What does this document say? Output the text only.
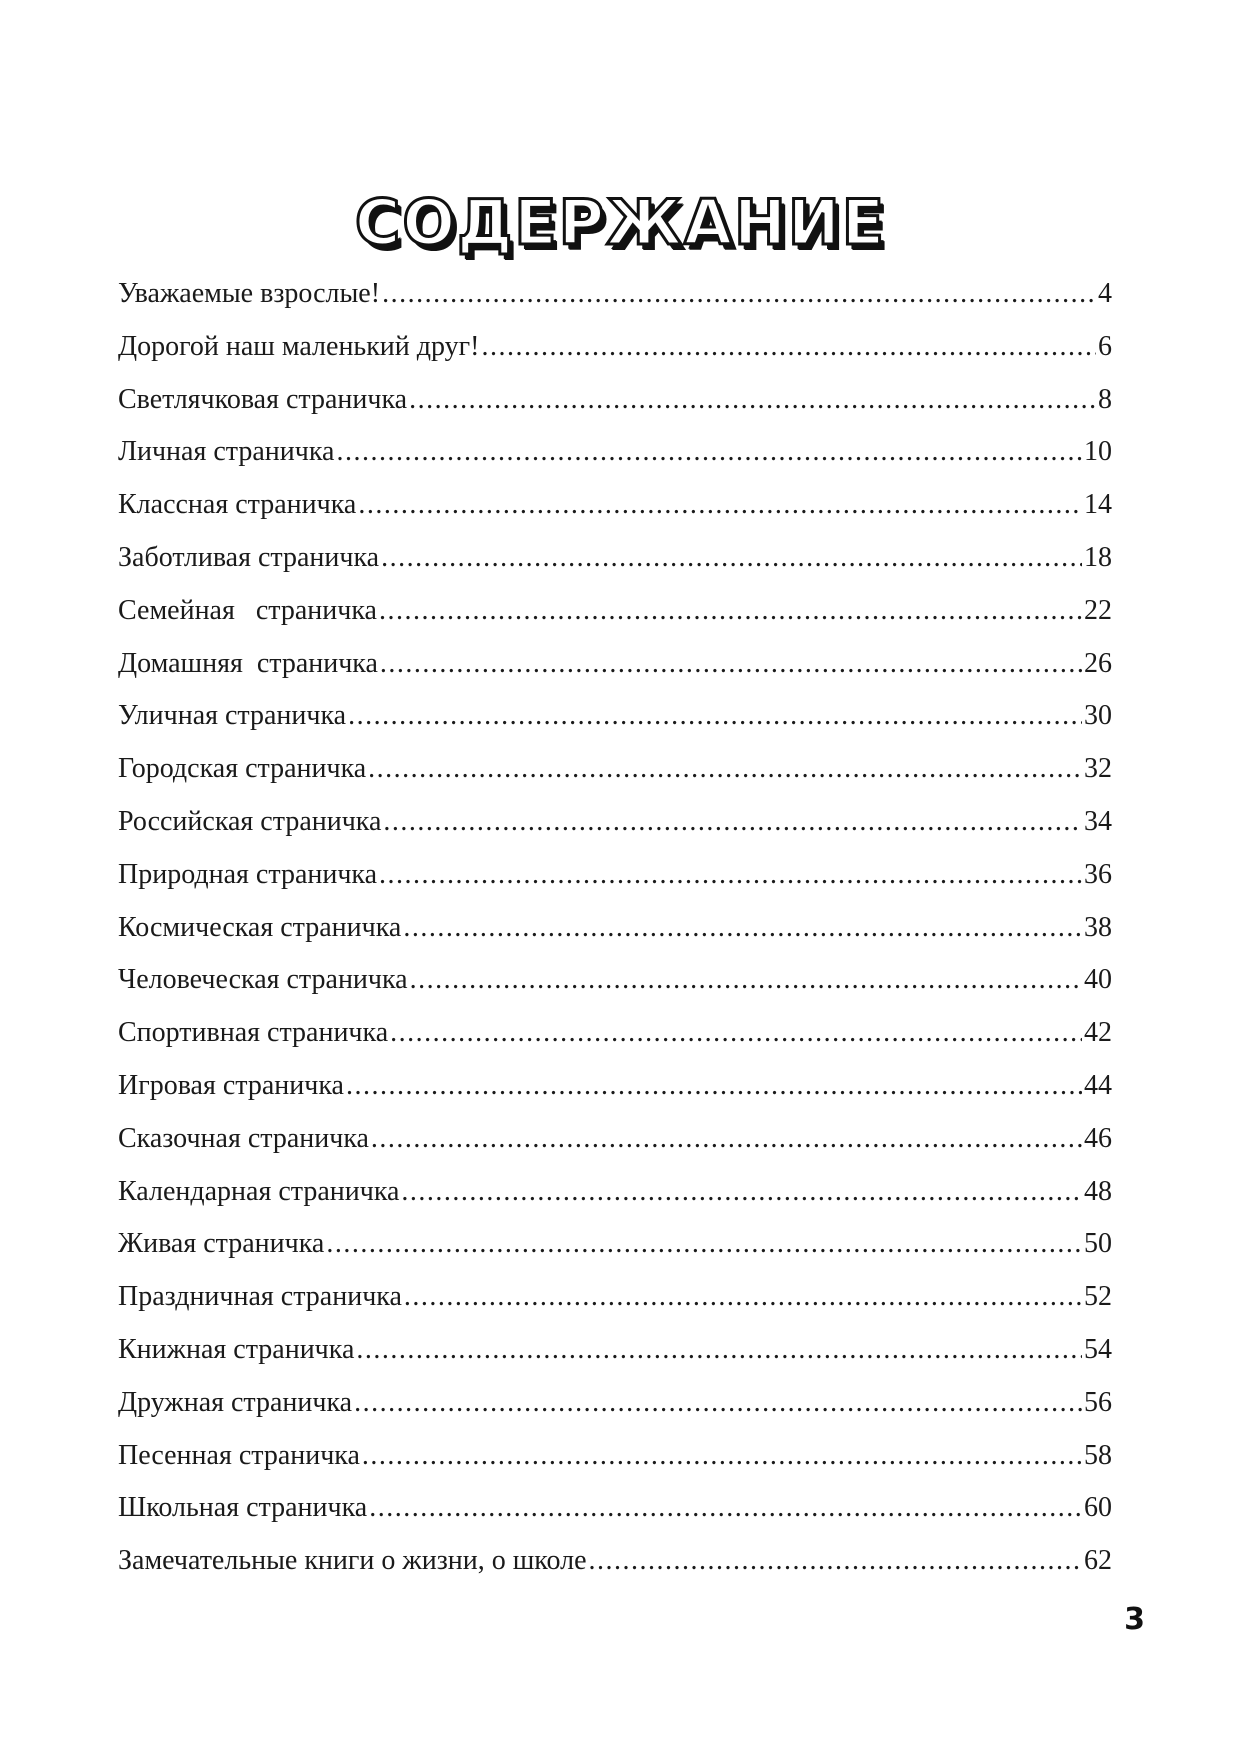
СОДЕРЖАНИЕ
Уважаемые взрослые! .....	4
Дорогой наш маленький друг! .....	6
Светлячковая страничка .....	8
Личная страничка .....	10
Классная страничка .....	14
Заботливая страничка .....	18
Семейная   страничка .....	22
Домашняя  страничка .....	26
Уличная страничка .....	30
Городская страничка .....	32
Российская страничка .....	34
Природная страничка .....	36
Космическая страничка .....	38
Человеческая страничка .....	40
Спортивная страничка .....	42
Игровая страничка .....	44
Сказочная страничка .....	46
Календарная страничка .....	48
Живая страничка .....	50
Праздничная страничка .....	52
Книжная страничка .....	54
Дружная страничка .....	56
Песенная страничка .....	58
Школьная страничка .....	60
Замечательные книги о жизни, о школе .....	62
3
